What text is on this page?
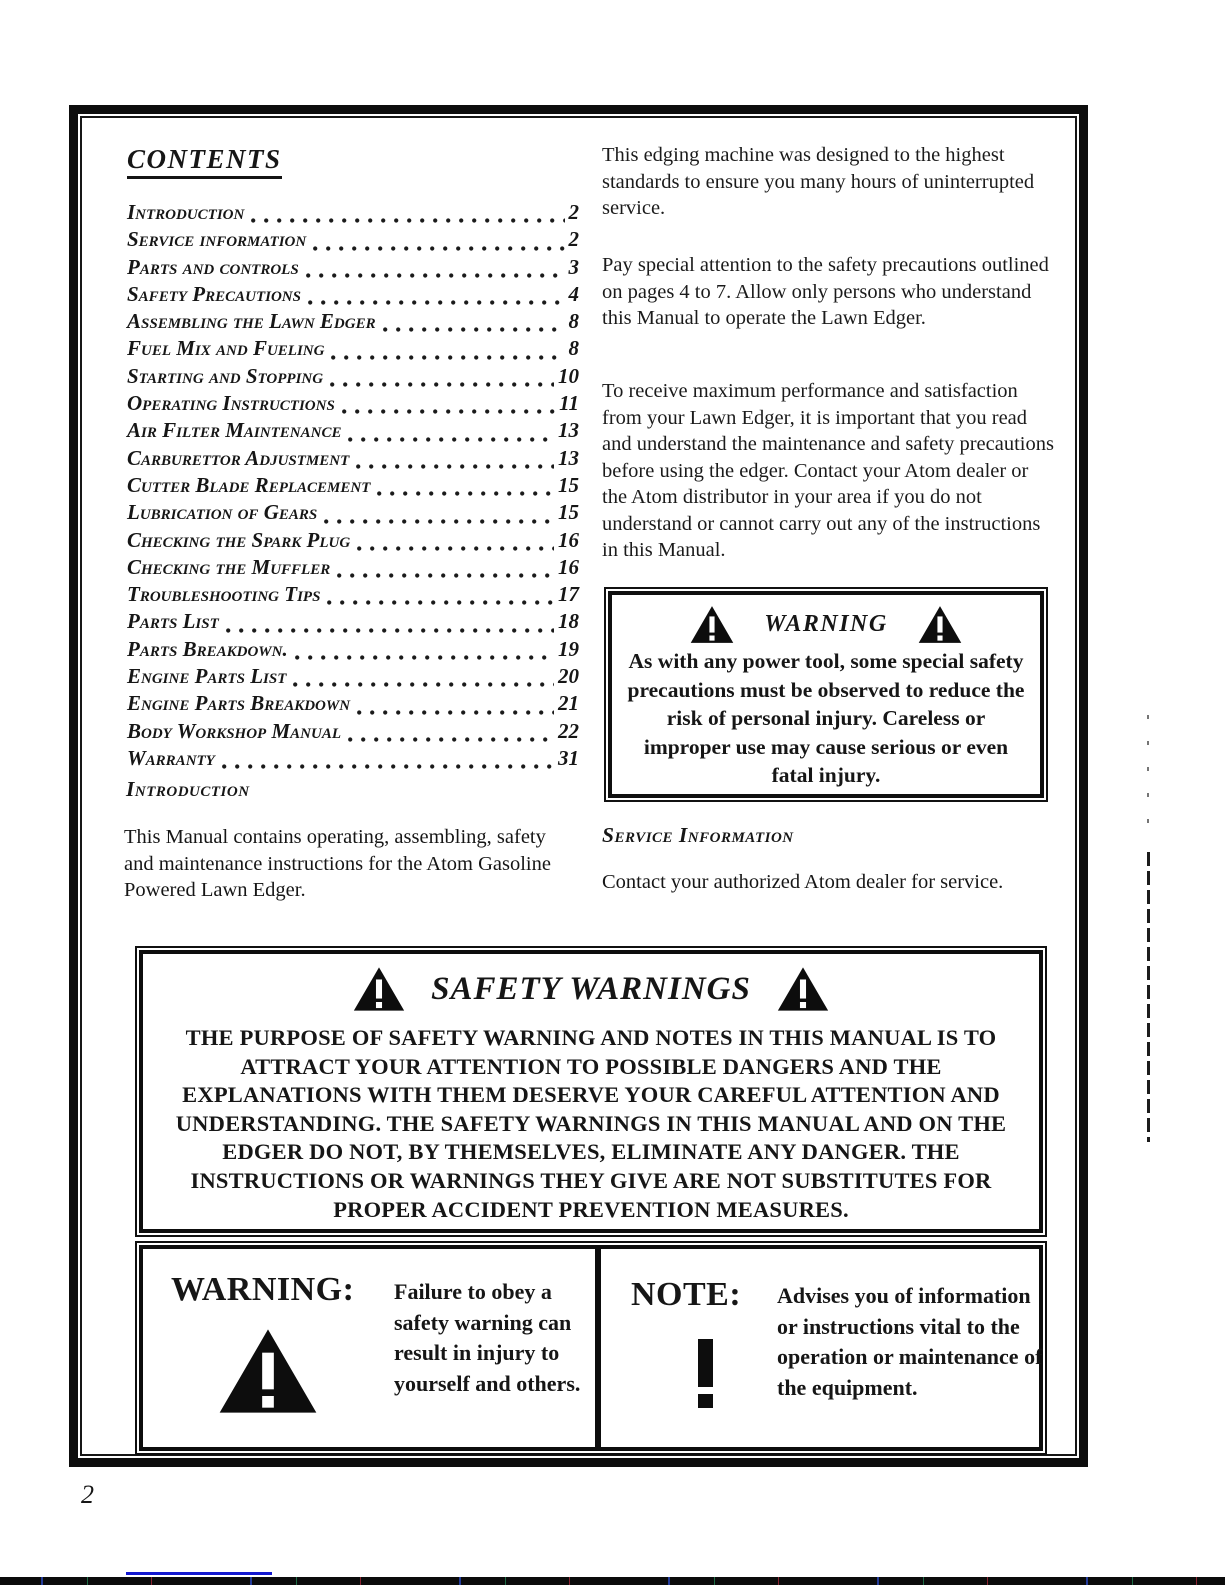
CONTENTS
Introduction	2
Service information	2
Parts and controls	3
Safety Precautions	4
Assembling the Lawn Edger	8
Fuel Mix and Fueling	8
Starting and Stopping	10
Operating Instructions	11
Air Filter Maintenance	13
Carburettor Adjustment	13
Cutter Blade Replacement	15
Lubrication of Gears	15
Checking the Spark Plug	16
Checking the Muffler	16
Troubleshooting Tips	17
Parts List	18
Parts Breakdown.	19
Engine Parts List	20
Engine Parts Breakdown	21
Body Workshop Manual	22
Warranty	31
Introduction
This Manual contains operating, assembling, safety and maintenance instructions for the Atom Gasoline Powered Lawn Edger.
This edging machine was designed to the highest standards to ensure you many hours of uninterrupted service.
Pay special attention to the safety precautions outlined on pages 4 to 7. Allow only persons who understand this Manual to operate the Lawn Edger.
To receive maximum performance and satisfaction from your Lawn Edger, it is important that you read and understand the maintenance and safety precautions before using the edger. Contact your Atom dealer or the Atom distributor in your area if you do not understand or cannot carry out any of the instructions in this Manual.
WARNING
As with any power tool, some special safety precautions must be observed to reduce the risk of personal injury. Careless or improper use may cause serious or even fatal injury.
Service Information
Contact your authorized Atom dealer for service.
SAFETY WARNINGS
THE PURPOSE OF SAFETY WARNING AND NOTES IN THIS MANUAL IS TO ATTRACT YOUR ATTENTION TO POSSIBLE DANGERS AND THE EXPLANATIONS WITH THEM DESERVE YOUR CAREFUL ATTENTION AND UNDERSTANDING. THE SAFETY WARNINGS IN THIS MANUAL AND ON THE EDGER DO NOT, BY THEMSELVES, ELIMINATE ANY DANGER. THE INSTRUCTIONS OR WARNINGS THEY GIVE ARE NOT SUBSTITUTES FOR PROPER ACCIDENT PREVENTION MEASURES.
WARNING: Failure to obey a safety warning can result in injury to yourself and others.
NOTE: Advises you of information or instructions vital to the operation or maintenance of the equipment.
2
